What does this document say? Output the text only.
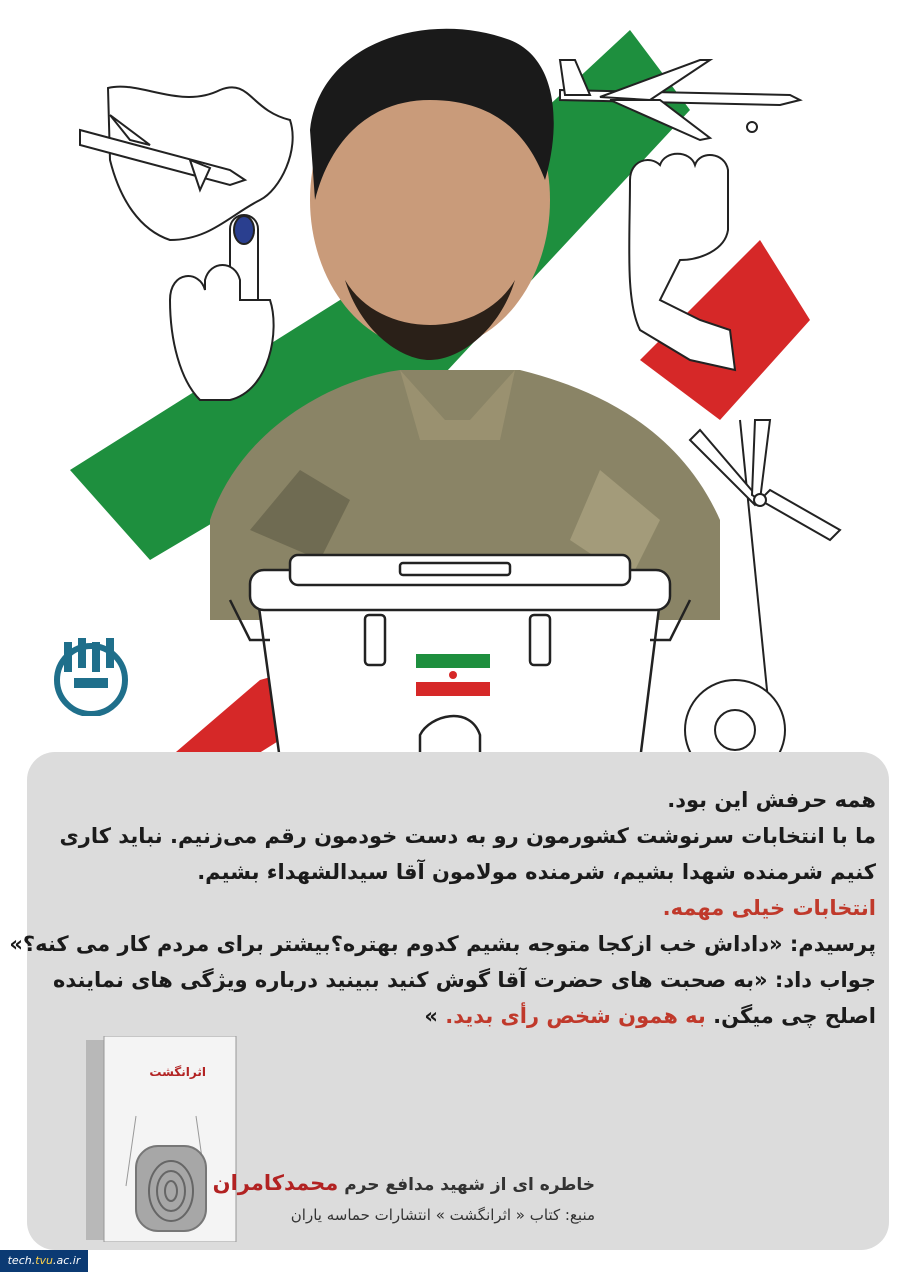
همه حرفش این بود.
ما با انتخابات سرنوشت کشورمون رو به دست خودمون رقم می‌زنیم. نباید کاری
کنیم شرمنده شهدا بشیم، شرمنده مولامون آقا سیدالشهداء بشیم.
انتخابات خیلی مهمه.
پرسیدم: «داداش خب ازکجا متوجه بشیم کدوم بهتره؟بیشتر برای مردم کار می کنه؟»
جواب داد: «به صحبت های حضرت آقا گوش کنید ببینید درباره ویژگی های نماینده
اصلح چی میگن. به همون شخص رأی بدید. »
اثرانگشت
خاطره ای از شهید مدافع حرم محمدکامران
منبع: کتاب « اثرانگشت » انتشارات حماسه یاران
tech.tvu.ac.ir
